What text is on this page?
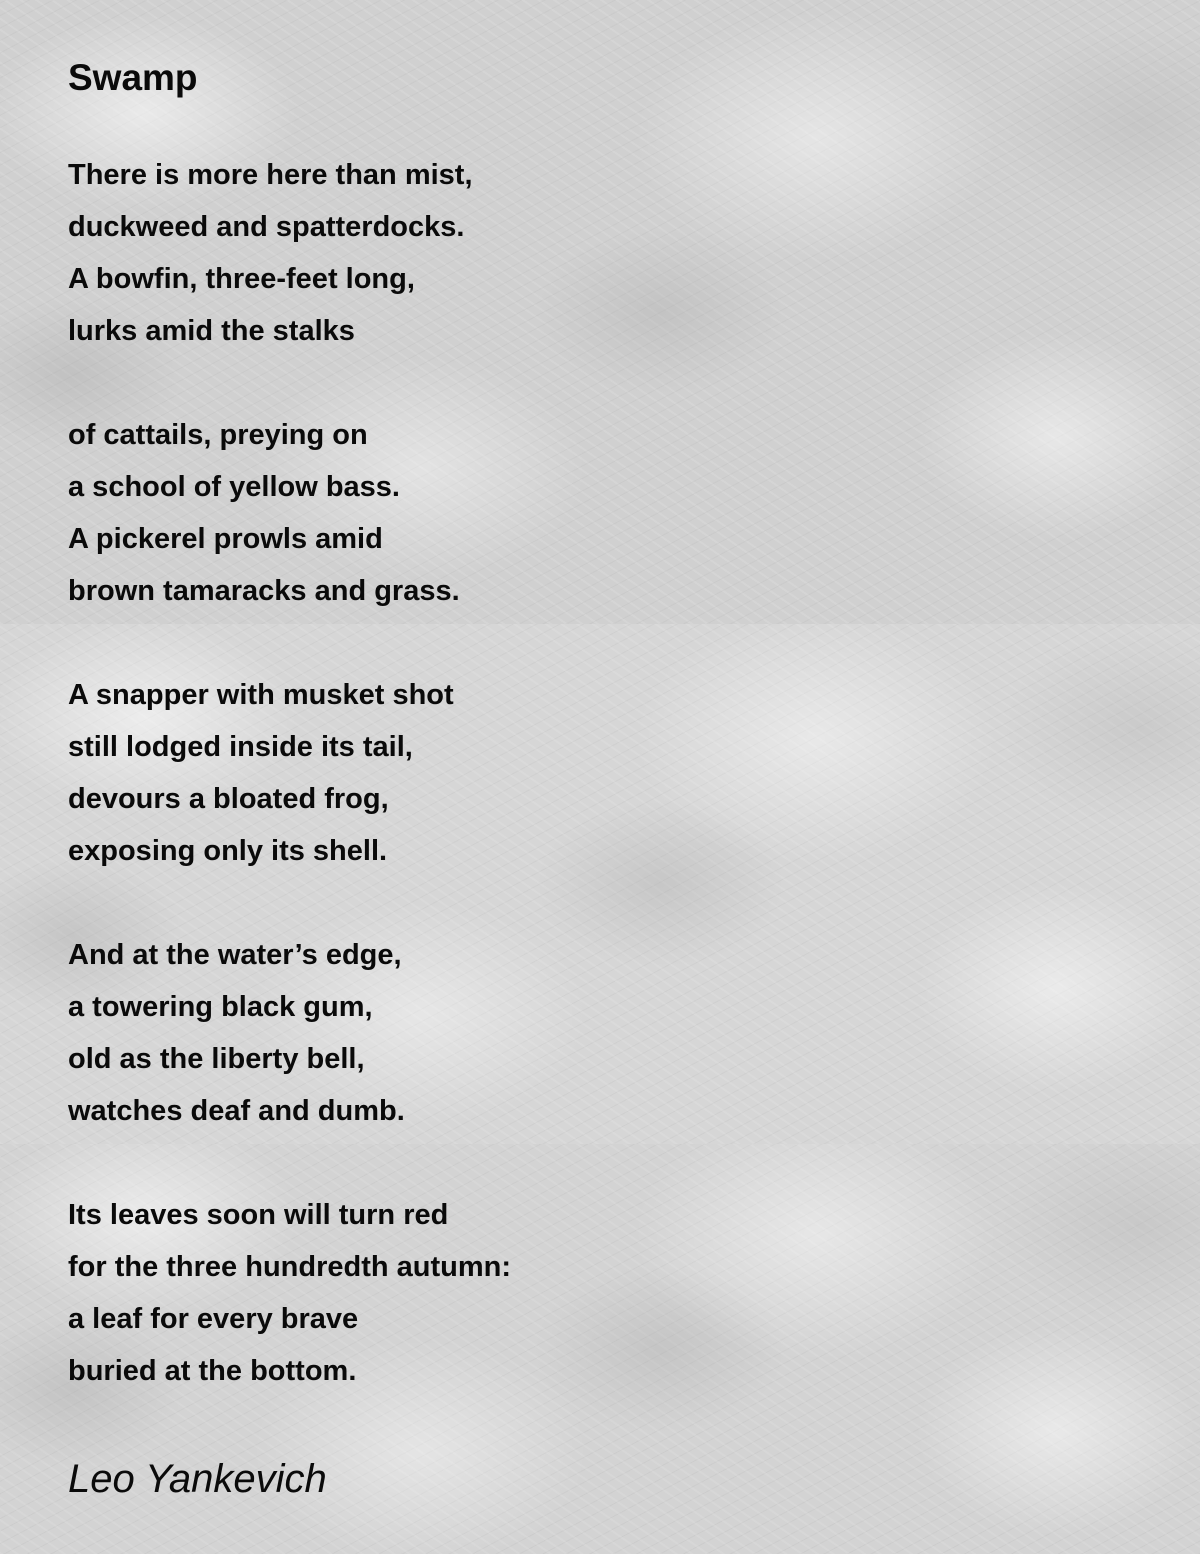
Swamp
There is more here than mist,
duckweed and spatterdocks.
A bowfin, three-feet long,
lurks amid the stalks
of cattails, preying on
a school of yellow bass.
A pickerel prowls amid
brown tamaracks and grass.
A snapper with musket shot
still lodged inside its tail,
devours a bloated frog,
exposing only its shell.
And at the water’s edge,
a towering black gum,
old as the liberty bell,
watches deaf and dumb.
Its leaves soon will turn red
for the three hundredth autumn:
a leaf for every brave
buried at the bottom.

Leo Yankevich
